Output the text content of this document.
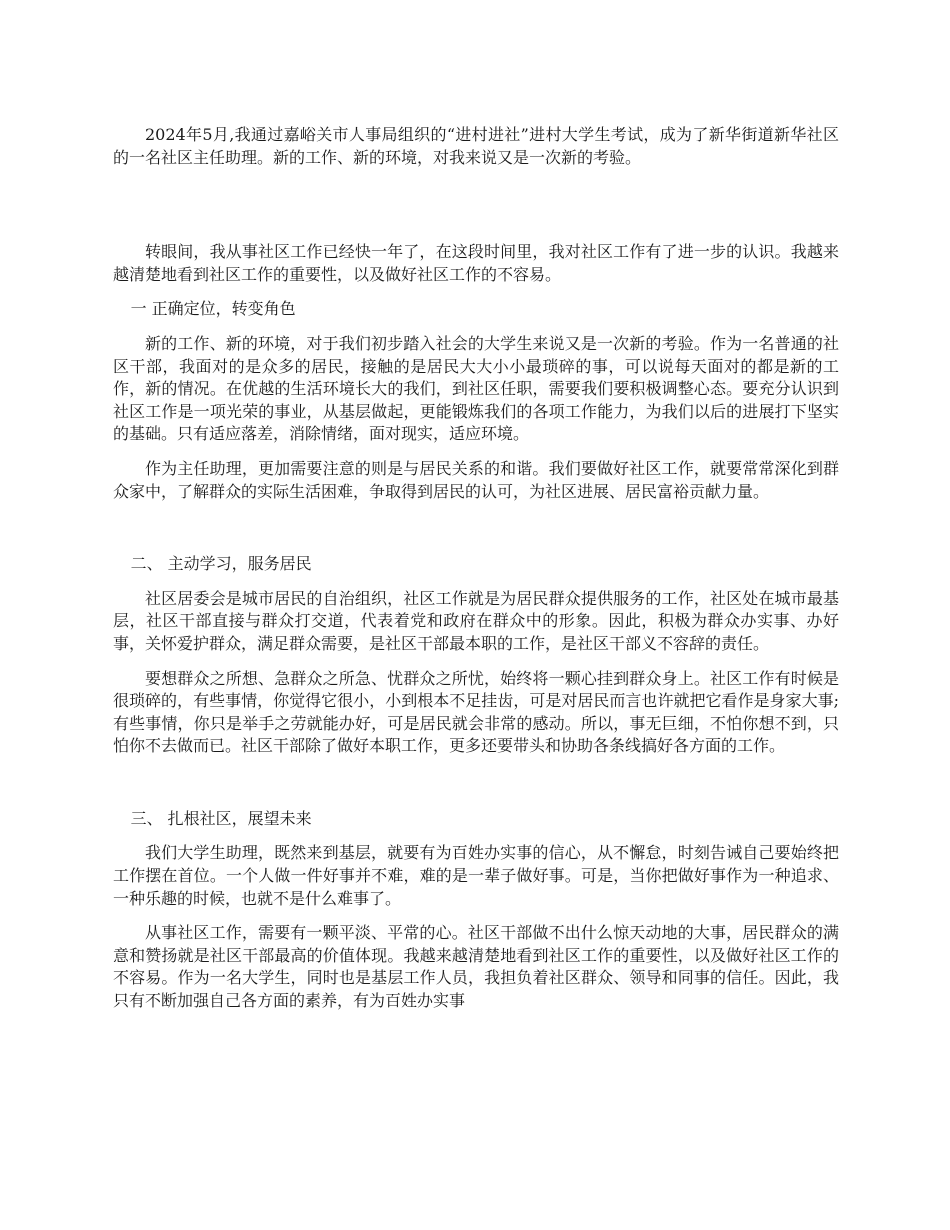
2024年5月,我通过嘉峪关市人事局组织的“进村进社”进村大学生考试，成为了新华街道新华社区的一名社区主任助理。新的工作、新的环境，对我来说又是一次新的考验。

转眼间，我从事社区工作已经快一年了，在这段时间里，我对社区工作有了进一步的认识。我越来越清楚地看到社区工作的重要性，以及做好社区工作的不容易。

一 正确定位，转变角色

新的工作、新的环境，对于我们初步踏入社会的大学生来说又是一次新的考验。作为一名普通的社区干部，我面对的是众多的居民，接触的是居民大大小小最琐碎的事，可以说每天面对的都是新的工作，新的情况。在优越的生活环境长大的我们，到社区任职，需要我们要积极调整心态。要充分认识到社区工作是一项光荣的事业，从基层做起，更能锻炼我们的各项工作能力，为我们以后的进展打下坚实的基础。只有适应落差，消除情绪，面对现实，适应环境。

作为主任助理，更加需要注意的则是与居民关系的和谐。我们要做好社区工作，就要常常深化到群众家中，了解群众的实际生活困难，争取得到居民的认可，为社区进展、居民富裕贡献力量。

二、 主动学习，服务居民

社区居委会是城市居民的自治组织，社区工作就是为居民群众提供服务的工作，社区处在城市最基层，社区干部直接与群众打交道，代表着党和政府在群众中的形象。因此，积极为群众办实事、办好事，关怀爱护群众，满足群众需要，是社区干部最本职的工作，是社区干部义不容辞的责任。

要想群众之所想、急群众之所急、忧群众之所忧，始终将一颗心挂到群众身上。社区工作有时候是很琐碎的，有些事情，你觉得它很小，小到根本不足挂齿，可是对居民而言也许就把它看作是身家大事;有些事情，你只是举手之劳就能办好，可是居民就会非常的感动。所以，事无巨细，不怕你想不到，只怕你不去做而已。社区干部除了做好本职工作，更多还要带头和协助各条线搞好各方面的工作。

三、 扎根社区，展望未来

我们大学生助理，既然来到基层，就要有为百姓办实事的信心，从不懈怠，时刻告诫自己要始终把工作摆在首位。一个人做一件好事并不难，难的是一辈子做好事。可是，当你把做好事作为一种追求、一种乐趣的时候，也就不是什么难事了。

从事社区工作，需要有一颗平淡、平常的心。社区干部做不出什么惊天动地的大事，居民群众的满意和赞扬就是社区干部最高的价值体现。我越来越清楚地看到社区工作的重要性，以及做好社区工作的不容易。作为一名大学生，同时也是基层工作人员，我担负着社区群众、领导和同事的信任。因此，我只有不断加强自己各方面的素养，有为百姓办实事
